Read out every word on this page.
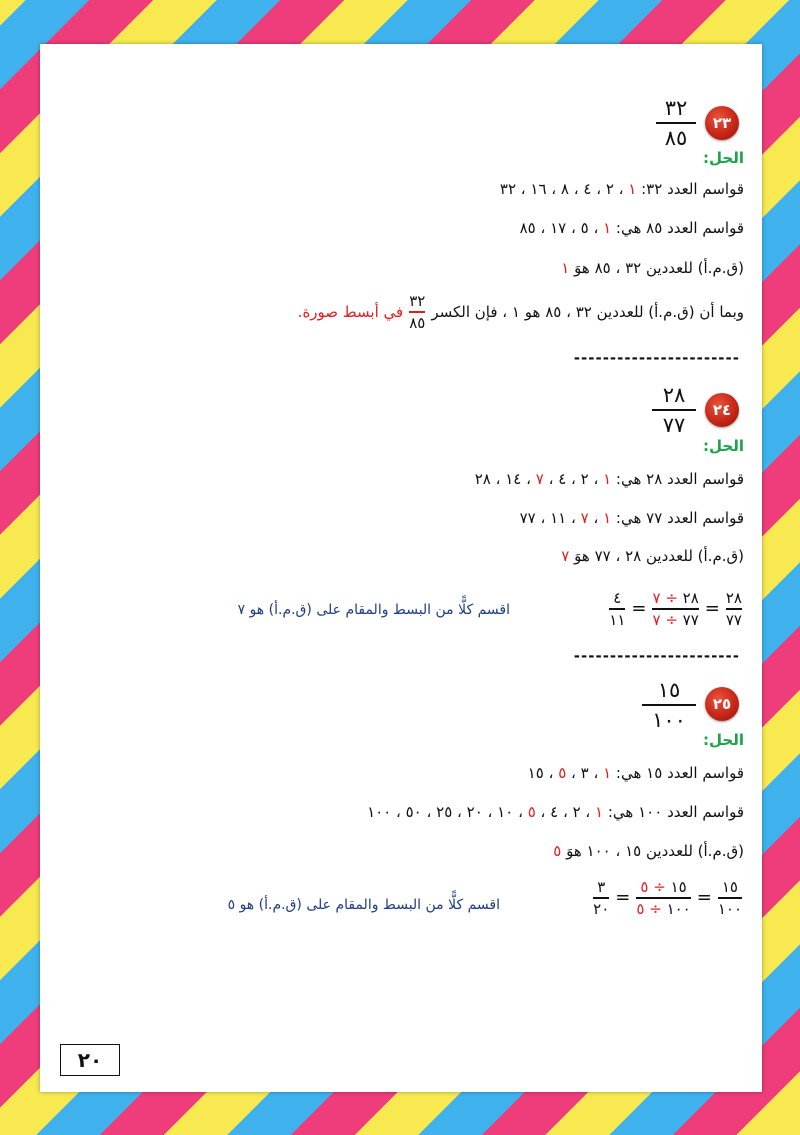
٢٣
٣٢
٨٥
الحل:
قواسم العدد ٣٢: ١ ، ٢ ، ٤ ، ٨ ، ١٦ ، ٣٢
قواسم العدد ٨٥ هي: ١ ، ٥ ، ١٧ ، ٨٥
(ق.م.أ) للعددين ٣٢ ، ٨٥ هوَ ١
وبما أن (ق.م.أ) للعددين ٣٢ ، ٨٥ هو ١ ، فإن الكسر
$\frac{٣٢}{٨٥}$
في أبسط صورة.
-----------------------
٢٤
٢٨
٧٧
الحل:
قواسم العدد ٢٨ هي: ١ ، ٢ ، ٤ ، ٧ ، ١٤ ، ٢٨
قواسم العدد ٧٧ هي: ١ ، ٧ ، ١١ ، ٧٧
(ق.م.أ) للعددين ٢٨ ، ٧٧ هوَ ٧
$\frac{٢٨}{٧٧}$
=
$\frac{٢٨ \div ٧}{٧٧ \div ٧}$
=
$\frac{٤}{١١}$
اقسم كلًّا من البسط والمقام على (ق.م.أ) هو ٧
-----------------------
٢٥
١٥
١٠٠
الحل:
قواسم العدد ١٥ هي: ١ ، ٣ ، ٥ ، ١٥
قواسم العدد ١٠٠ هي: ١ ، ٢ ، ٤ ، ٥ ، ١٠ ، ٢٠ ، ٢٥ ، ٥٠ ، ١٠٠
(ق.م.أ) للعددين ١٥ ، ١٠٠ هوَ ٥
$\frac{١٥}{١٠٠}$
=
$\frac{١٥ \div ٥}{١٠٠ \div ٥}$
=
$\frac{٣}{٢٠}$
اقسم كلًّا من البسط والمقام على (ق.م.أ) هو ٥
٢٠
